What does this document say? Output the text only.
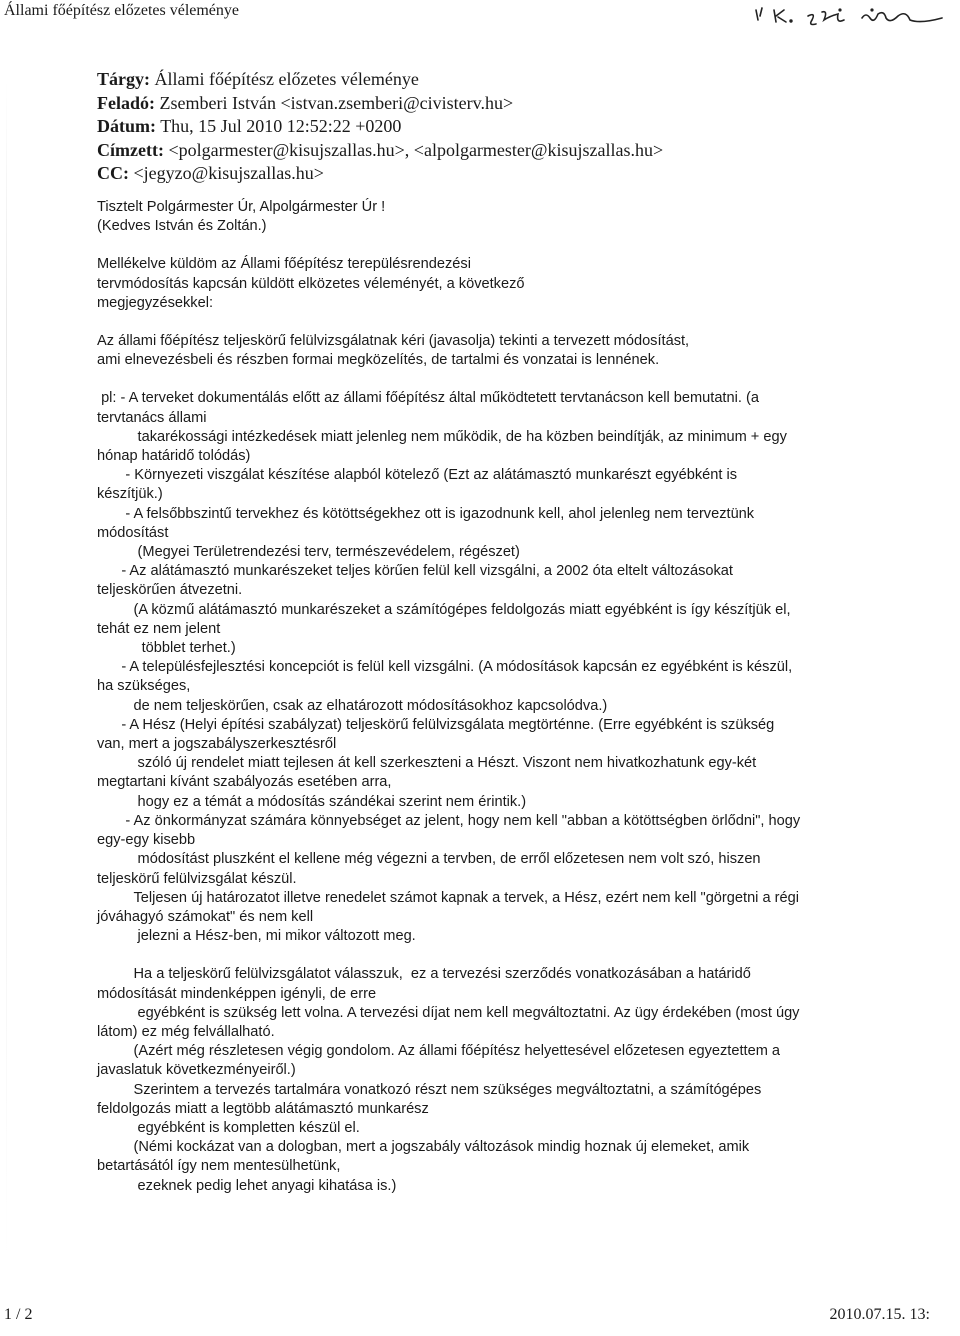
Állami főépítész előzetes véleménye
Tárgy: Állami főépítész előzetes véleménye
Feladó: Zsemberi István <istvan.zsemberi@civisterv.hu>
Dátum: Thu, 15 Jul 2010 12:52:22 +0200
Címzett: <polgarmester@kisujszallas.hu>, <alpolgarmester@kisujszallas.hu>
CC: <jegyzo@kisujszallas.hu>

Tisztelt Polgármester Úr, Alpolgármester Úr !

(Kedves István és Zoltán.)

Mellékelve küldöm az Állami főépítész terepülésrendezési

tervmódosítás kapcsán küldött elközetes véleményét, a következő

megjegyzésekkel:

Az állami főépítész teljeskörű felülvizsgálatnak kéri (javasolja) tekinti a tervezett módosítást,

ami elnevezésbeli és részben formai megközelítés, de tartalmi és vonzatai is lennének.

pl: - A terveket dokumentálás előtt az állami főépítész által működtetett tervtanácson kell bemutatni. (a

tervtanács állami

takarékossági intézkedések miatt jelenleg nem működik, de ha közben beindítják, az minimum + egy

hónap határidő tolódás)

- Környezeti viszgálat készítése alapból kötelező (Ezt az alátámasztó munkarészt egyébként is

készítjük.)

- A felsőbbszintű tervekhez és kötöttségekhez ott is igazodnunk kell, ahol jelenleg nem terveztünk

módosítást

(Megyei Területrendezési terv, természevédelem, régészet)

- Az alátámasztó munkarészeket teljes körűen felül kell vizsgálni, a 2002 óta eltelt változásokat

teljeskörűen átvezetni.

(A közmű alátámasztó munkarészeket a számítógépes feldolgozás miatt egyébként is így készítjük el,

tehát ez nem jelent

többlet terhet.)

- A településfejlesztési koncepciót is felül kell vizsgálni. (A módosítások kapcsán ez egyébként is készül,

ha szükséges,

de nem teljeskörűen, csak az elhatározott módosításokhoz kapcsolódva.)

- A Hész (Helyi építési szabályzat) teljeskörű felülvizsgálata megtörténne. (Erre egyébként is szükség

van, mert a jogszabályszerkesztésről

szóló új rendelet miatt tejlesen át kell szerkeszteni a Hészt. Viszont nem hivatkozhatunk egy-két

megtartani kívánt szabályozás esetében arra,

hogy ez a témát a módosítás szándékai szerint nem érintik.)

- Az önkormányzat számára könnyebséget az jelent, hogy nem kell "abban a kötöttségben örlődni", hogy

egy-egy kisebb

módosítást pluszként el kellene még végezni a tervben, de erről előzetesen nem volt szó, hiszen

teljeskörű felülvizsgálat készül.

Teljesen új határozatot illetve renedelet számot kapnak a tervek, a Hész, ezért nem kell "görgetni a régi

jóváhagyó számokat" és nem kell

jelezni a Hész-ben, mi mikor változott meg.

Ha a teljeskörű felülvizsgálatot válasszuk,  ez a tervezési szerződés vonatkozásában a határidő

módosítását mindenképpen igényli, de erre

egyébként is szükség lett volna. A tervezési díjat nem kell megváltoztatni. Az ügy érdekében (most úgy

látom) ez még felvállalható.

(Azért még részletesen végig gondolom. Az állami főépítész helyettesével előzetesen egyeztettem a

javaslatuk következményeiről.)

Szerintem a tervezés tartalmára vonatkozó részt nem szükséges megváltoztatni, a számítógépes

feldolgozás miatt a legtöbb alátámasztó munkarész

egyébként is kompletten készül el.

(Némi kockázat van a dologban, mert a jogszabály változások mindig hoznak új elemeket, amik

betartásától így nem mentesülhetünk,

ezeknek pedig lehet anyagi kihatása is.)

1 / 2	2010.07.15. 13:
